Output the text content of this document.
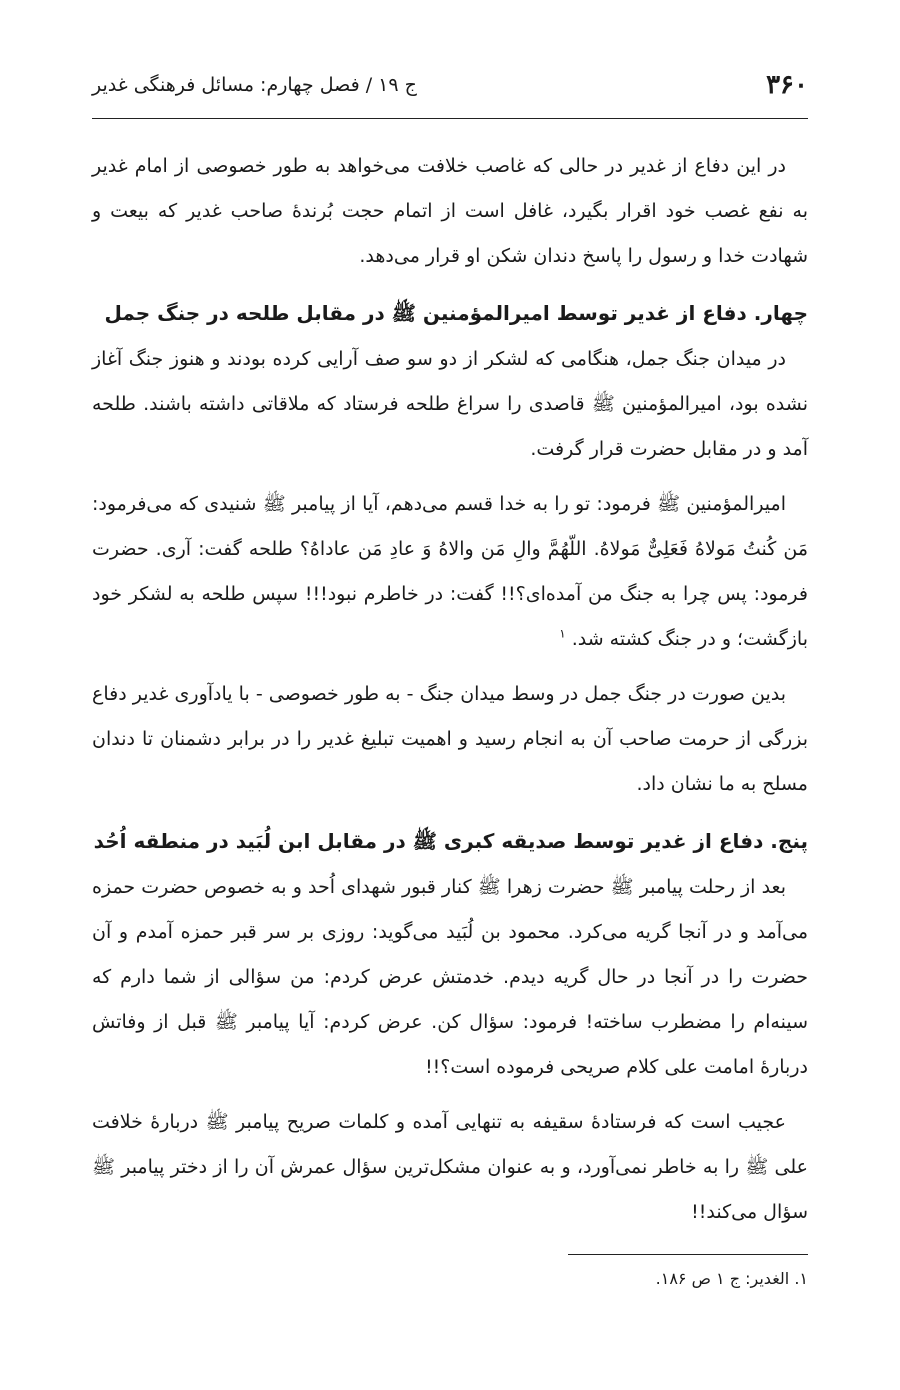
۳۶۰
ج ۱۹ / فصل چهارم: مسائل فرهنگی غدیر

در این دفاع از غدیر در حالی که غاصب خلافت می‌خواهد به طور خصوصی از امام غدیر به نفع غصب خود اقرار بگیرد، غافل است از اتمام حجت بُرندهٔ صاحب غدیر که بیعت و شهادت خدا و رسول را پاسخ دندان شکن او قرار می‌دهد.

چهار. دفاع از غدیر توسط امیرالمؤمنین ﷺ در مقابل طلحه در جنگ جمل

در میدان جنگ جمل، هنگامی که لشکر از دو سو صف آرایی کرده بودند و هنوز جنگ آغاز نشده بود، امیرالمؤمنین ﷺ قاصدی را سراغ طلحه فرستاد که ملاقاتی داشته باشند. طلحه آمد و در مقابل حضرت قرار گرفت.

امیرالمؤمنین ﷺ فرمود: تو را به خدا قسم می‌دهم، آیا از پیامبر ﷺ شنیدی که می‌فرمود: مَن کُنتُ مَولاهُ فَعَلِیٌّ مَولاهُ. اللّهُمَّ والِ مَن والاهُ وَ عادِ مَن عاداهُ؟ طلحه گفت: آری. حضرت فرمود: پس چرا به جنگ من آمده‌ای؟!! گفت: در خاطرم نبود!!! سپس طلحه به لشکر خود بازگشت؛ و در جنگ کشته شد. $^۱$

بدین صورت در جنگ جمل در وسط میدان جنگ - به طور خصوصی - با یادآوری غدیر دفاع بزرگی از حرمت صاحب آن به انجام رسید و اهمیت تبلیغ غدیر را در برابر دشمنان تا دندان مسلح به ما نشان داد.

پنج. دفاع از غدیر توسط صدیقه کبری ﷺ در مقابل ابن لُبَید در منطقه اُحُد

بعد از رحلت پیامبر ﷺ حضرت زهرا ﷺ کنار قبور شهدای اُحد و به خصوص حضرت حمزه می‌آمد و در آنجا گریه می‌کرد. محمود بن لُبَید می‌گوید: روزی بر سر قبر حمزه آمدم و آن حضرت را در آنجا در حال گریه دیدم. خدمتش عرض کردم: من سؤالی از شما دارم که سینه‌ام را مضطرب ساخته! فرمود: سؤال کن. عرض کردم: آیا پیامبر ﷺ قبل از وفاتش دربارهٔ امامت علی کلام صریحی فرموده است؟!!

عجیب است که فرستادهٔ سقیفه به تنهایی آمده و کلمات صریح پیامبر ﷺ دربارهٔ خلافت علی ﷺ را به خاطر نمی‌آورد، و به عنوان مشکل‌ترین سؤال عمرش آن را از دختر پیامبر ﷺ سؤال می‌کند!!

۱. الغدیر: ج ۱ ص ۱۸۶.
